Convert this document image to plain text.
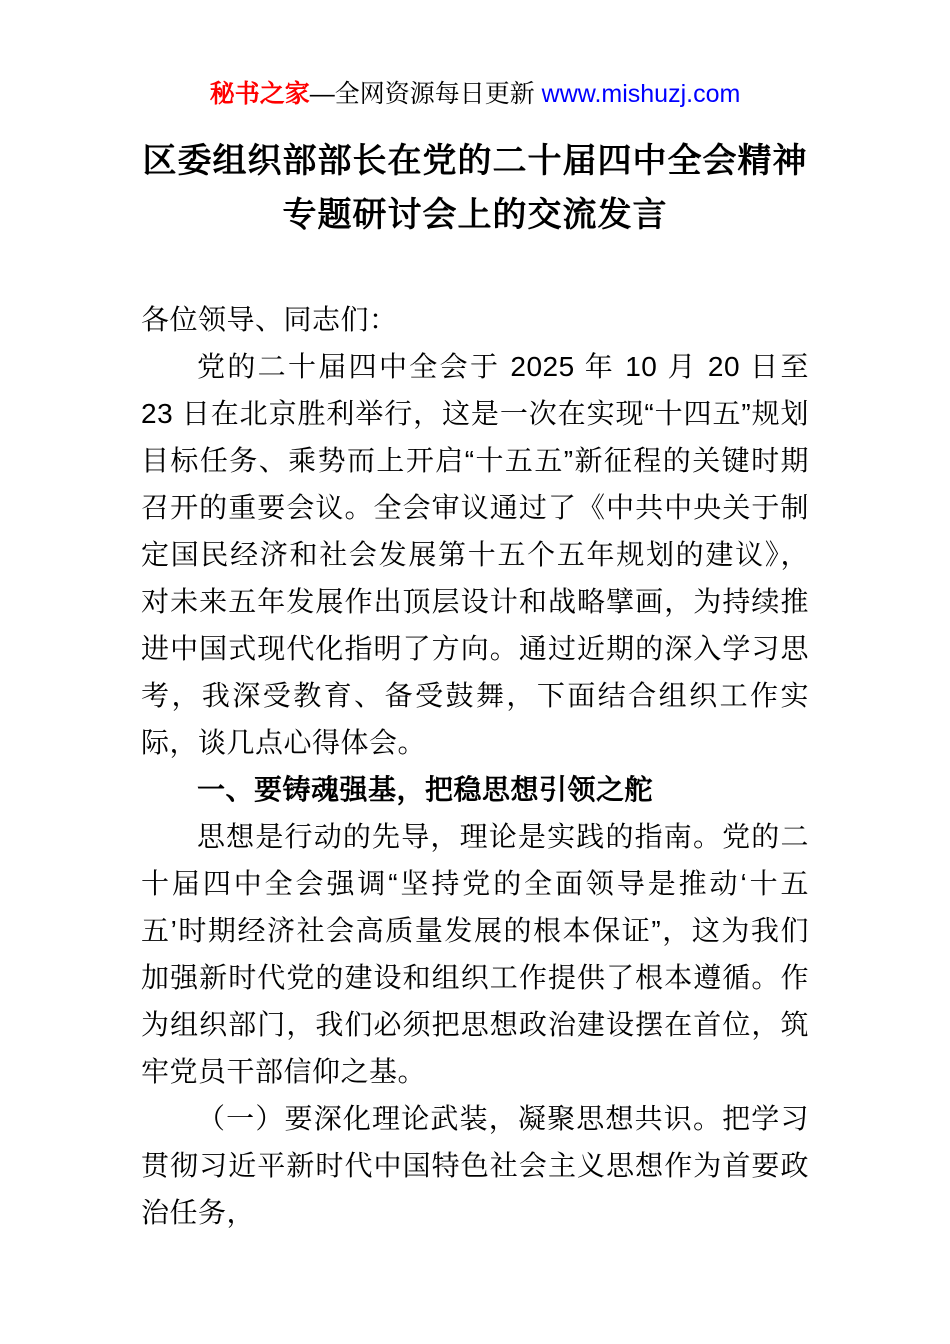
秘书之家—全网资源每日更新 www.mishuzj.com
区委组织部部长在党的二十届四中全会精神
专题研讨会上的交流发言

各位领导、同志们：

党的二十届四中全会于 2025 年 10 月 20 日至 23 日在北京胜利举行，这是一次在实现“十四五”规划目标任务、乘势而上开启“十五五”新征程的关键时期召开的重要会议。全会审议通过了《中共中央关于制定国民经济和社会发展第十五个五年规划的建议》，对未来五年发展作出顶层设计和战略擘画，为持续推进中国式现代化指明了方向。通过近期的深入学习思考，我深受教育、备受鼓舞，下面结合组织工作实际，谈几点心得体会。

一、要铸魂强基，把稳思想引领之舵

思想是行动的先导，理论是实践的指南。党的二十届四中全会强调“坚持党的全面领导是推动‘十五五’时期经济社会高质量发展的根本保证”，这为我们加强新时代党的建设和组织工作提供了根本遵循。作为组织部门，我们必须把思想政治建设摆在首位，筑牢党员干部信仰之基。

（一）要深化理论武装，凝聚思想共识。把学习贯彻习近平新时代中国特色社会主义思想作为首要政治任务，
